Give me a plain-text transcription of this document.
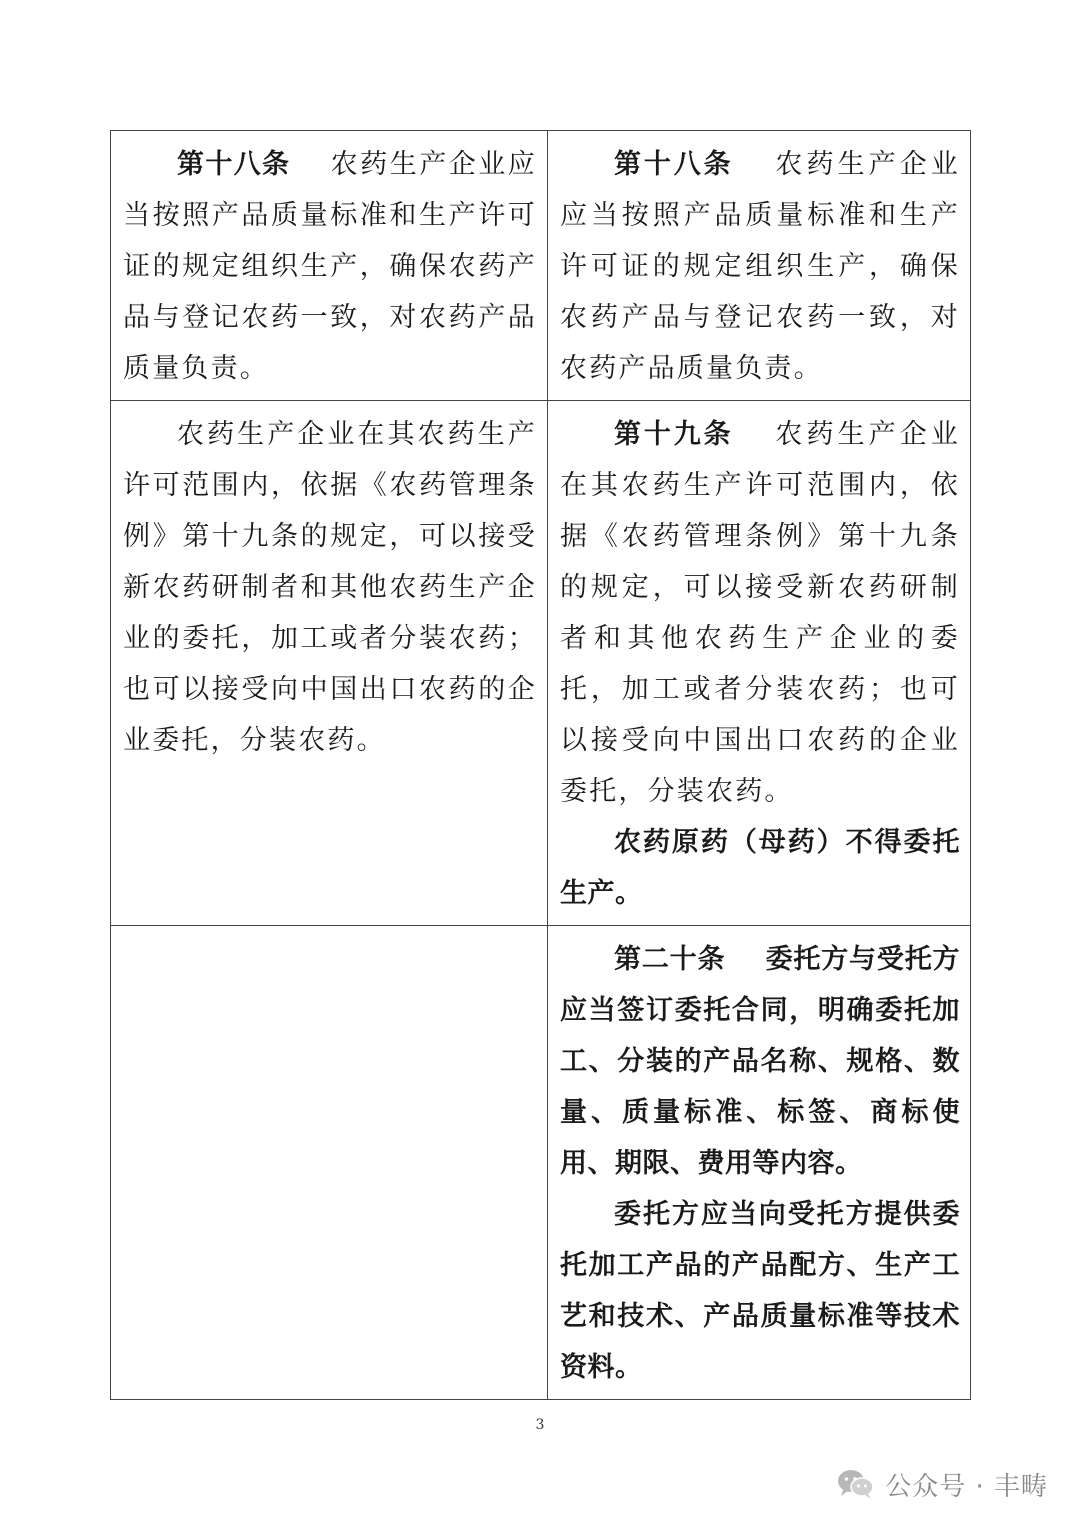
第十八条 农药生产企业应当按照产品质量标准和生产许可证的规定组织生产，确保农药产品与登记农药一致，对农药产品质量负责。	第十八条 农药生产企业应当按照产品质量标准和生产许可证的规定组织生产，确保农药产品与登记农药一致，对农药产品质量负责。

农药生产企业在其农药生产许可范围内，依据《农药管理条例》第十九条的规定，可以接受新农药研制者和其他农药生产企业的委托，加工或者分装农药；也可以接受向中国出口农药的企业委托，分装农药。	第十九条 农药生产企业在其农药生产许可范围内，依据《农药管理条例》第十九条的规定，可以接受新农药研制者和其他农药生产企业的委托，加工或者分装农药；也可以接受向中国出口农药的企业委托，分装农药。

农药原药（母药）不得委托生产。

	第二十条 委托方与受托方应当签订委托合同，明确委托加工、分装的产品名称、规格、数量、质量标准、标签、商标使用、期限、费用等内容。

委托方应当向受托方提供委托加工产品的产品配方、生产工艺和技术、产品质量标准等技术资料。

3
公众号 · 丰畴
